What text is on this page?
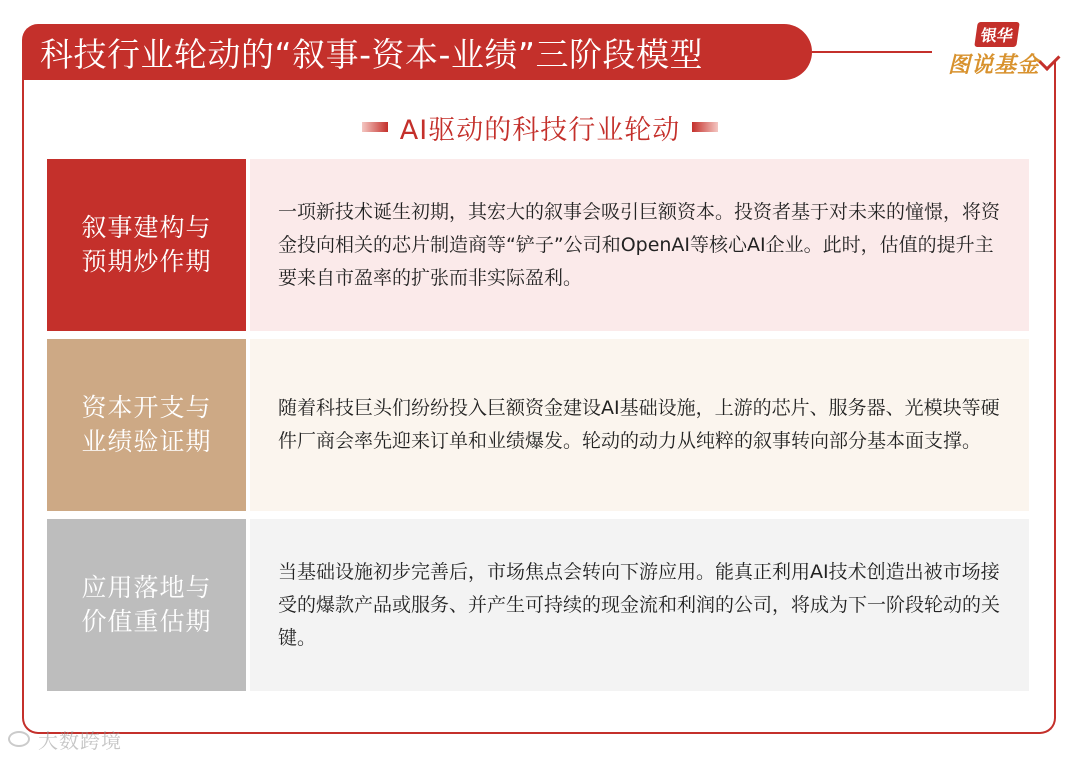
科技行业轮动的“叙事-资本-业绩”三阶段模型	银华
图说基金
AI驱动的科技行业轮动
叙事建构与
预期炒作期

一项新技术诞生初期，其宏大的叙事会吸引巨额资本。投资者基于对未来的憧憬，将资金投向相关的芯片制造商等“铲子”公司和OpenAI等核心AI企业。此时，估值的提升主要来自市盈率的扩张而非实际盈利。

资本开支与
业绩验证期

随着科技巨头们纷纷投入巨额资金建设AI基础设施，上游的芯片、服务器、光模块等硬件厂商会率先迎来订单和业绩爆发。轮动的动力从纯粹的叙事转向部分基本面支撑。

应用落地与
价值重估期

当基础设施初步完善后，市场焦点会转向下游应用。能真正利用AI技术创造出被市场接受的爆款产品或服务、并产生可持续的现金流和利润的公司，将成为下一阶段轮动的关键。

大数跨境
